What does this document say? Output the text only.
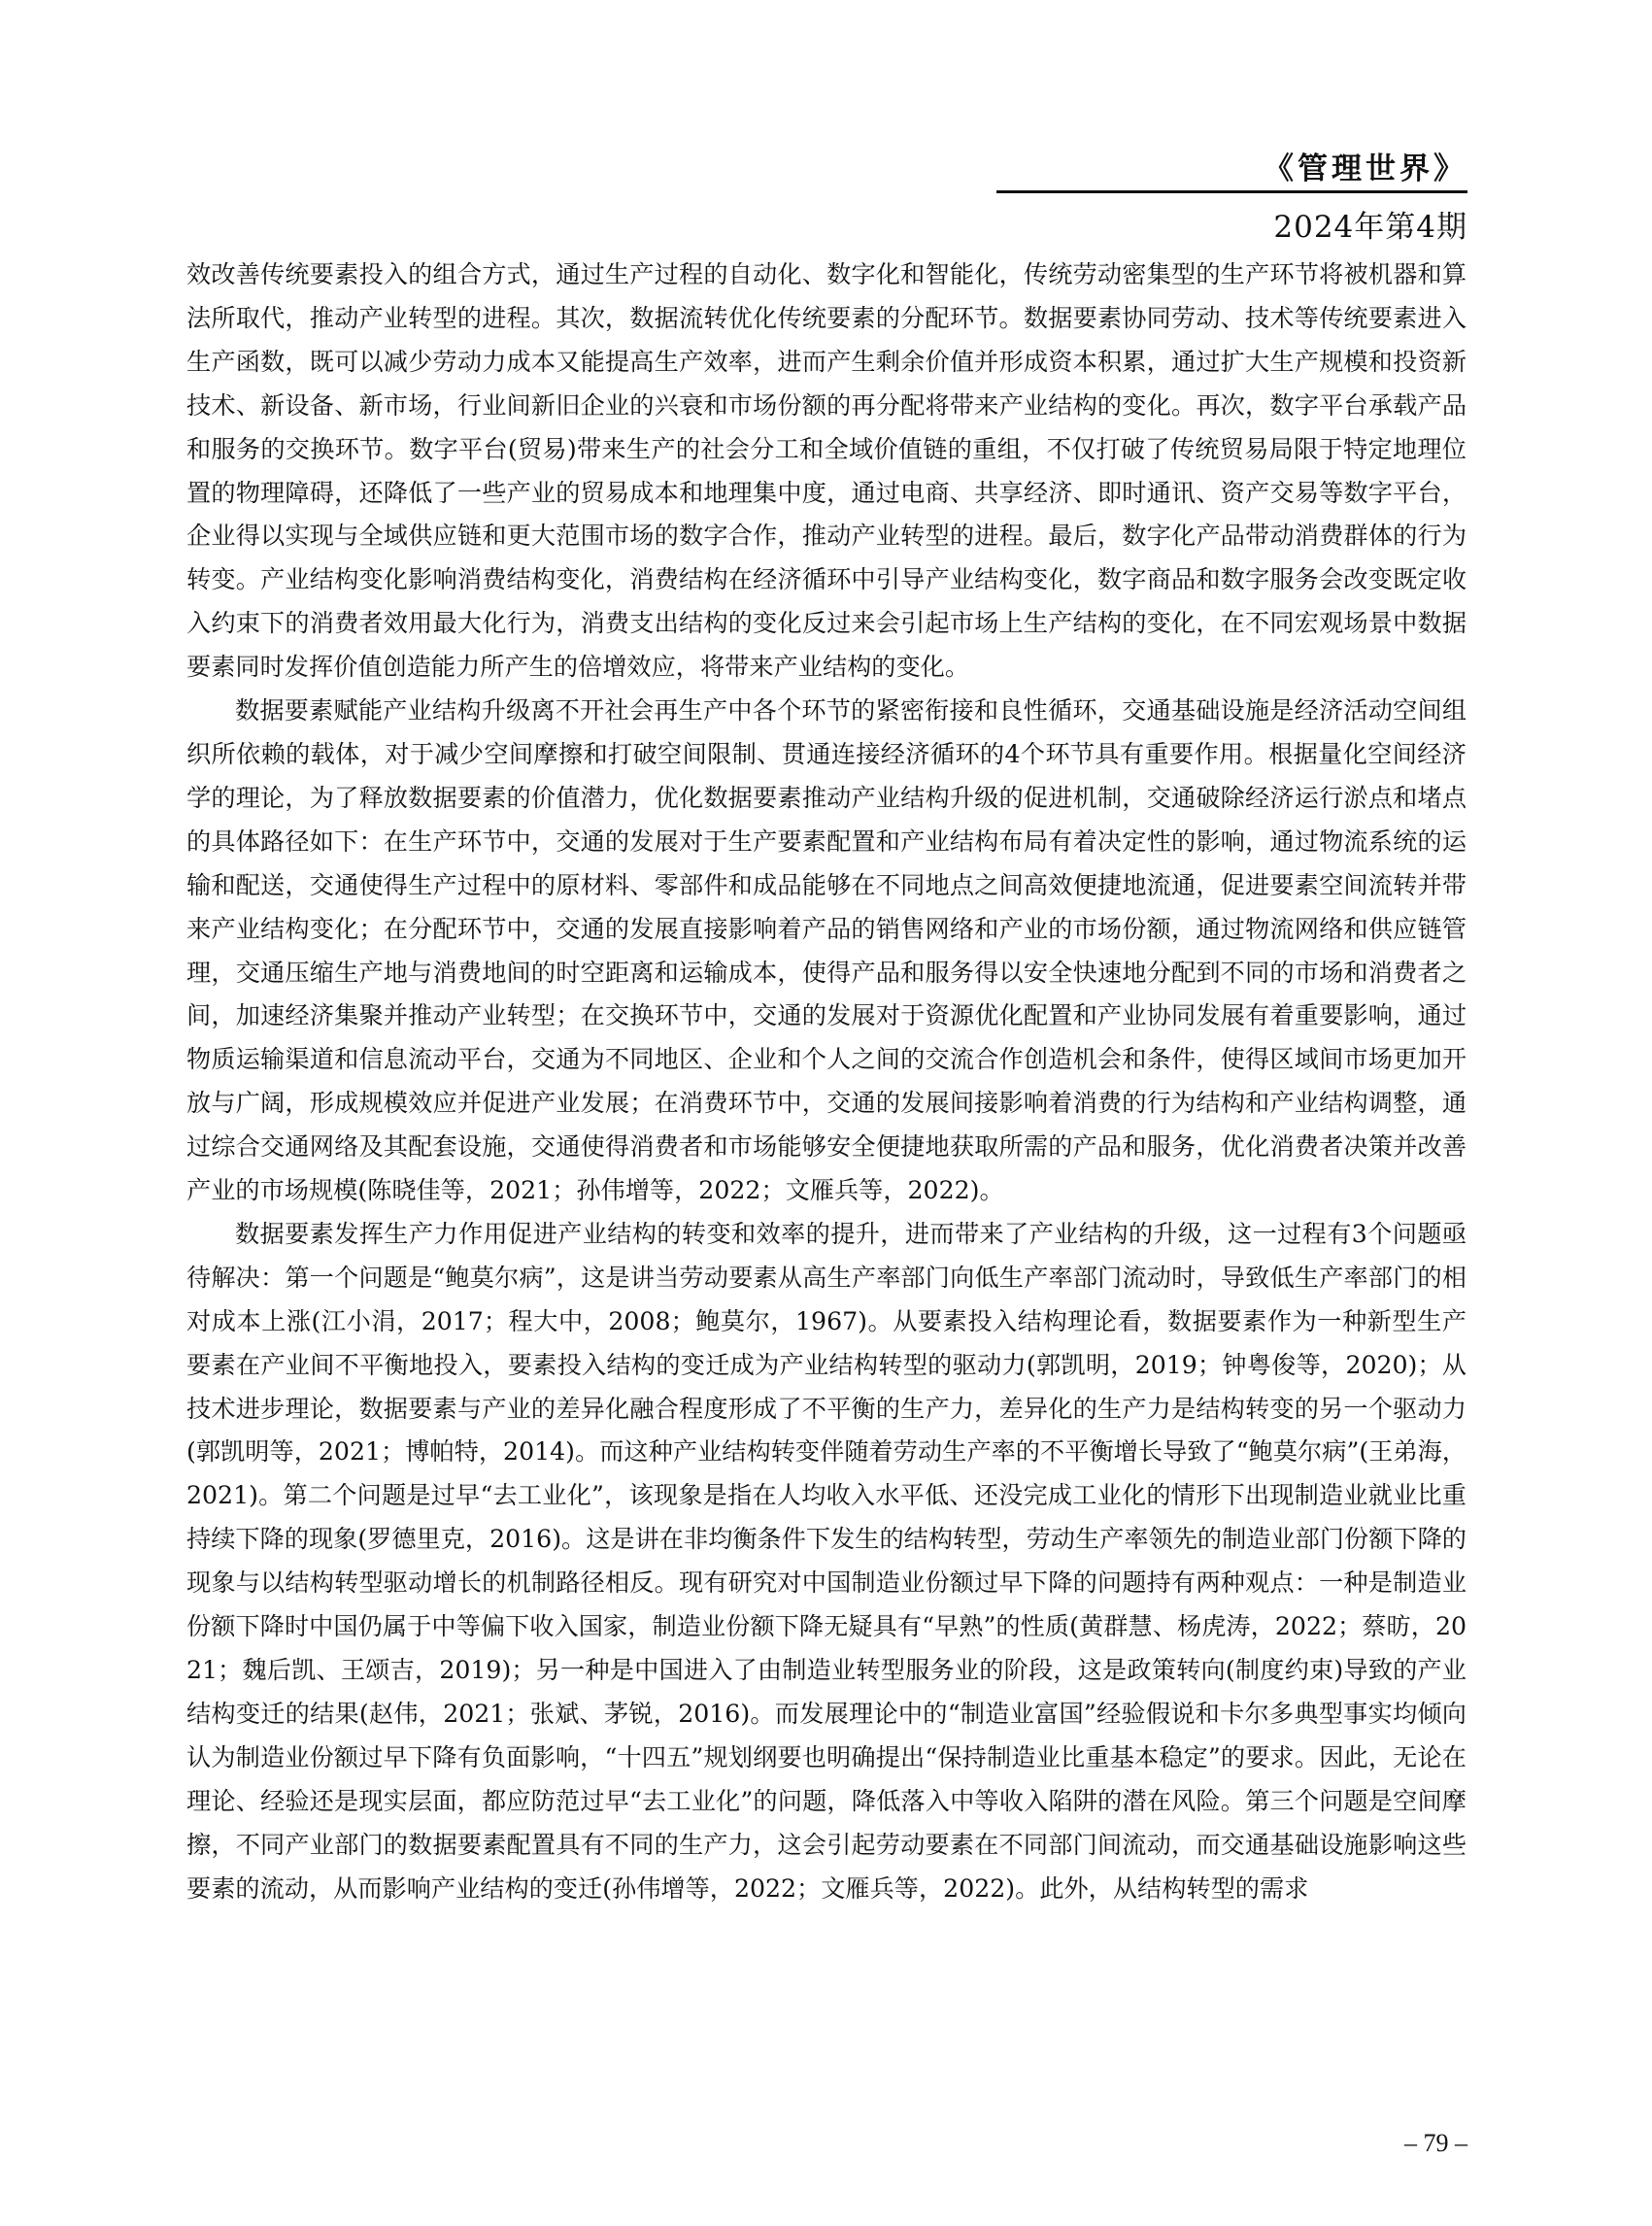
《管理世界》
2024年第4期

效改善传统要素投入的组合方式，通过生产过程的自动化、数字化和智能化，传统劳动密集型的生产环节将被机器和算法所取代，推动产业转型的进程。其次，数据流转优化传统要素的分配环节。数据要素协同劳动、技术等传统要素进入生产函数，既可以减少劳动力成本又能提高生产效率，进而产生剩余价值并形成资本积累，通过扩大生产规模和投资新技术、新设备、新市场，行业间新旧企业的兴衰和市场份额的再分配将带来产业结构的变化。再次，数字平台承载产品和服务的交换环节。数字平台(贸易)带来生产的社会分工和全域价值链的重组，不仅打破了传统贸易局限于特定地理位置的物理障碍，还降低了一些产业的贸易成本和地理集中度，通过电商、共享经济、即时通讯、资产交易等数字平台，企业得以实现与全域供应链和更大范围市场的数字合作，推动产业转型的进程。最后，数字化产品带动消费群体的行为转变。产业结构变化影响消费结构变化，消费结构在经济循环中引导产业结构变化，数字商品和数字服务会改变既定收入约束下的消费者效用最大化行为，消费支出结构的变化反过来会引起市场上生产结构的变化，在不同宏观场景中数据要素同时发挥价值创造能力所产生的倍增效应，将带来产业结构的变化。

数据要素赋能产业结构升级离不开社会再生产中各个环节的紧密衔接和良性循环，交通基础设施是经济活动空间组织所依赖的载体，对于减少空间摩擦和打破空间限制、贯通连接经济循环的4个环节具有重要作用。根据量化空间经济学的理论，为了释放数据要素的价值潜力，优化数据要素推动产业结构升级的促进机制，交通破除经济运行淤点和堵点的具体路径如下：在生产环节中，交通的发展对于生产要素配置和产业结构布局有着决定性的影响，通过物流系统的运输和配送，交通使得生产过程中的原材料、零部件和成品能够在不同地点之间高效便捷地流通，促进要素空间流转并带来产业结构变化；在分配环节中，交通的发展直接影响着产品的销售网络和产业的市场份额，通过物流网络和供应链管理，交通压缩生产地与消费地间的时空距离和运输成本，使得产品和服务得以安全快速地分配到不同的市场和消费者之间，加速经济集聚并推动产业转型；在交换环节中，交通的发展对于资源优化配置和产业协同发展有着重要影响，通过物质运输渠道和信息流动平台，交通为不同地区、企业和个人之间的交流合作创造机会和条件，使得区域间市场更加开放与广阔，形成规模效应并促进产业发展；在消费环节中，交通的发展间接影响着消费的行为结构和产业结构调整，通过综合交通网络及其配套设施，交通使得消费者和市场能够安全便捷地获取所需的产品和服务，优化消费者决策并改善产业的市场规模(陈晓佳等，2021；孙伟增等，2022；文雁兵等，2022)。

数据要素发挥生产力作用促进产业结构的转变和效率的提升，进而带来了产业结构的升级，这一过程有3个问题亟待解决：第一个问题是“鲍莫尔病”，这是讲当劳动要素从高生产率部门向低生产率部门流动时，导致低生产率部门的相对成本上涨(江小涓，2017；程大中，2008；鲍莫尔，1967)。从要素投入结构理论看，数据要素作为一种新型生产要素在产业间不平衡地投入，要素投入结构的变迁成为产业结构转型的驱动力(郭凯明，2019；钟粤俊等，2020)；从技术进步理论，数据要素与产业的差异化融合程度形成了不平衡的生产力，差异化的生产力是结构转变的另一个驱动力(郭凯明等，2021；博帕特，2014)。而这种产业结构转变伴随着劳动生产率的不平衡增长导致了“鲍莫尔病”(王弟海，2021)。第二个问题是过早“去工业化”，该现象是指在人均收入水平低、还没完成工业化的情形下出现制造业就业比重持续下降的现象(罗德里克，2016)。这是讲在非均衡条件下发生的结构转型，劳动生产率领先的制造业部门份额下降的现象与以结构转型驱动增长的机制路径相反。现有研究对中国制造业份额过早下降的问题持有两种观点：一种是制造业份额下降时中国仍属于中等偏下收入国家，制造业份额下降无疑具有“早熟”的性质(黄群慧、杨虎涛，2022；蔡昉，2021；魏后凯、王颂吉，2019)；另一种是中国进入了由制造业转型服务业的阶段，这是政策转向(制度约束)导致的产业结构变迁的结果(赵伟，2021；张斌、茅锐，2016)。而发展理论中的“制造业富国”经验假说和卡尔多典型事实均倾向认为制造业份额过早下降有负面影响，“十四五”规划纲要也明确提出“保持制造业比重基本稳定”的要求。因此，无论在理论、经验还是现实层面，都应防范过早“去工业化”的问题，降低落入中等收入陷阱的潜在风险。第三个问题是空间摩擦，不同产业部门的数据要素配置具有不同的生产力，这会引起劳动要素在不同部门间流动，而交通基础设施影响这些要素的流动，从而影响产业结构的变迁(孙伟增等，2022；文雁兵等，2022)。此外，从结构转型的需求

– 79 –
